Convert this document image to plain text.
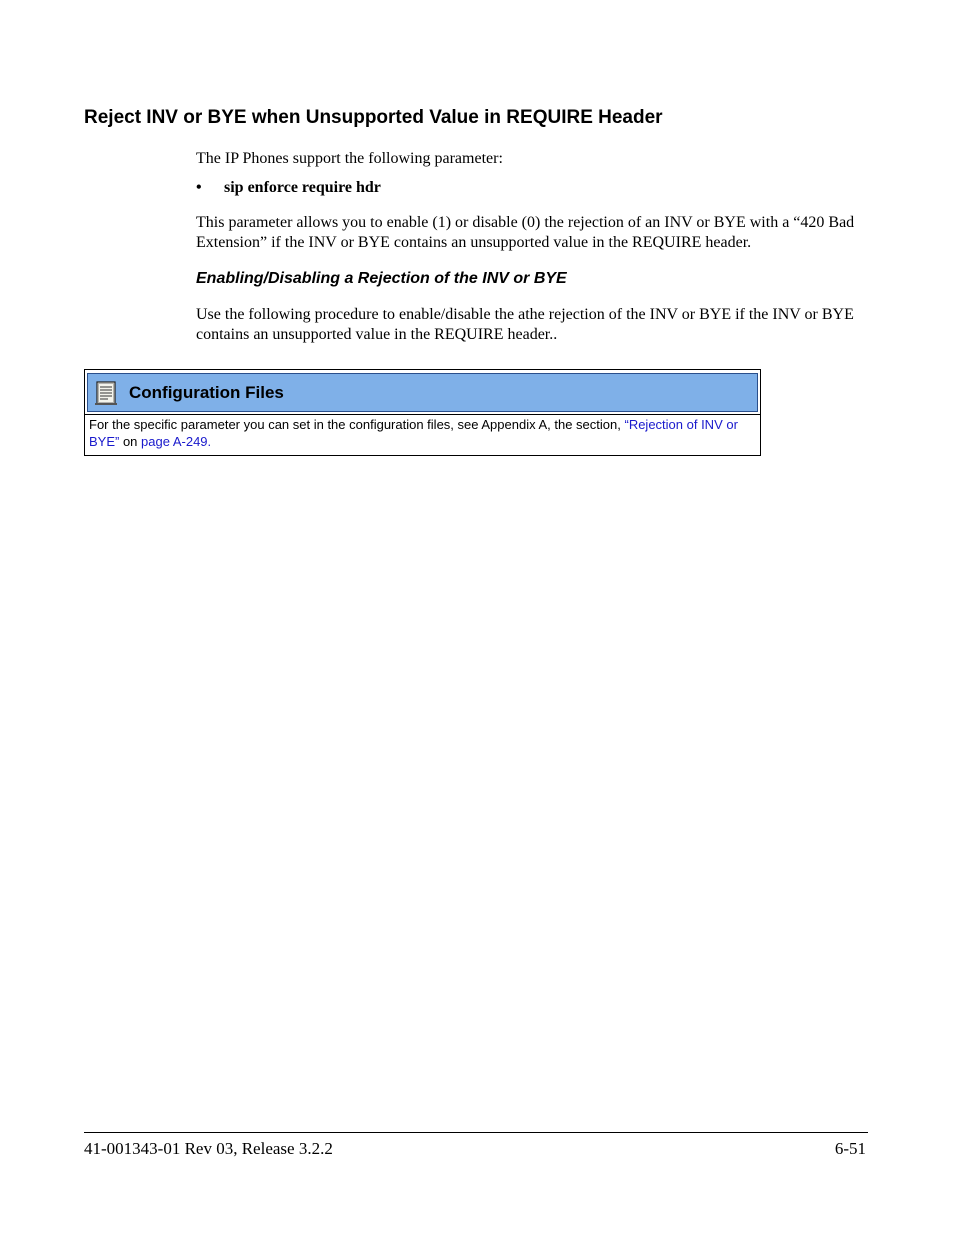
Reject INV or BYE when Unsupported Value in REQUIRE Header
The IP Phones support the following parameter:
• sip enforce require hdr
This parameter allows you to enable (1) or disable (0) the rejection of an INV or BYE with a “420 Bad Extension” if the INV or BYE contains an unsupported value in the REQUIRE header.
Enabling/Disabling a Rejection of the INV or BYE
Use the following procedure to enable/disable the athe rejection of the INV or BYE if the INV or BYE contains an unsupported value in the REQUIRE header..
Configuration Files
For the specific parameter you can set in the configuration files, see Appendix A, the section, “Rejection of INV or BYE” on page A-249.
41-001343-01 Rev 03, Release 3.2.2	6-51
